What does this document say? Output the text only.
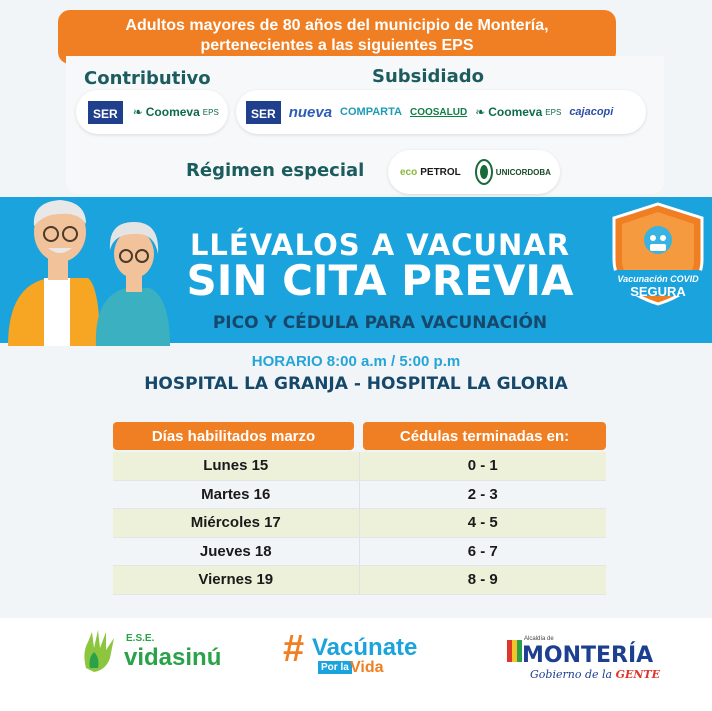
Adultos mayores de 80 años del municipio de Montería,
pertenecientes a las siguientes EPS
Contributivo	Subsidiado
Régimen especial
SER	❧ Coomeva EPS	SER nueva COMPARTA COOSALUD ❧ Coomeva EPS cajacopi
eco PETROL	UNICORDOBA
LLÉVALOS A VACUNAR
SIN CITA PREVIA
PICO Y CÉDULA PARA VACUNACIÓN
Vacunación COVID
SEGURA
HORARIO 8:00 a.m / 5:00 p.m
HOSPITAL LA GRANJA - HOSPITAL LA GLORIA
Días habilitados marzo	Cédulas terminadas en:
Lunes 15	0 - 1
Martes 16	2 - 3
Miércoles 17	4 - 5
Jueves 18	6 - 7
Viernes 19	8 - 9
E.S.E.
vidasinú # Vacúnate
Por la Vida
Alcaldía de
MONTERÍA
Gobierno de la GENTE
